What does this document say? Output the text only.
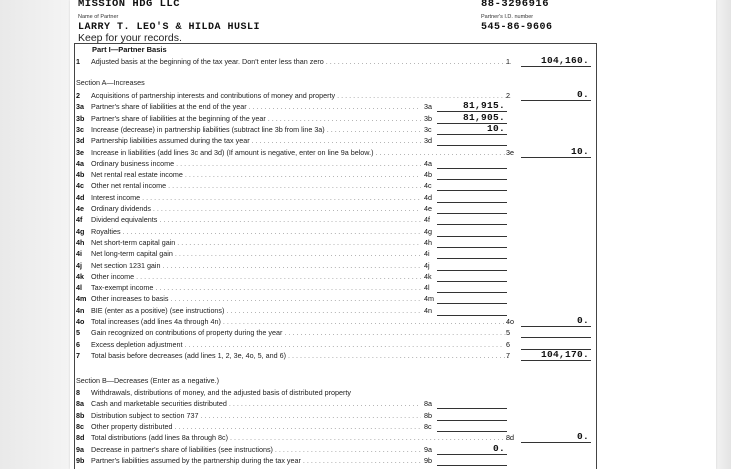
MISSION HDG LLC	88-3296916
Name of Partner	Partner's I.D. number
LARRY T. LEO'S & HILDA HUSLI	545-86-9606
Keep for your records.
Part I—Partner Basis
1 Adjusted basis at the beginning of the tax year. Don't enter less than zero . . .	1	104,160.
Section A—Increases
2 Acquisitions of partnership interests and contributions of money and property . . .	2	0.
3a Partner's share of liabilities at the end of the year . . .	3a	81,915.
3b Partner's share of liabilities at the beginning of the year . . .	3b	81,905.
3c Increase (decrease) in partnership liabilities (subtract line 3b from line 3a) . . .	3c	10.
3d Partnership liabilities assumed during the tax year . . .	3d
3e Increase in liabilities (add lines 3c and 3d) (If amount is negative, enter on line 9a below.) . . .	3e	10.
4a Ordinary business income . . .	4a
4b Net rental real estate income . . .	4b
4c Other net rental income . . .	4c
4d Interest income . . .	4d
4e Ordinary dividends . . .	4e
4f Dividend equivalents . . .	4f
4g Royalties . . .	4g
4h Net short-term capital gain . . .	4h
4i Net long-term capital gain . . .	4i
4j Net section 1231 gain . . .	4j
4k Other income . . .	4k
4l Tax-exempt income . . .	4l
4m Other increases to basis . . .	4m
4n BIE (enter as a positive) (see instructions) . . .	4n
4o Total increases (add lines 4a through 4n) . . .	4o	0.
5 Gain recognized on contributions of property during the year . . .	5
6 Excess depletion adjustment . . .	6
7 Total basis before decreases (add lines 1, 2, 3e, 4o, 5, and 6) . . .	7	104,170.
Section B—Decreases (Enter as a negative.)
8 Withdrawals, distributions of money, and the adjusted basis of distributed property
8a Cash and marketable securities distributed . . .	8a
8b Distribution subject to section 737 . . .	8b
8c Other property distributed . . .	8c
8d Total distributions (add lines 8a through 8c) . . .	8d	0.
9a Decrease in partner's share of liabilities (see instructions) . . .	9a	0.
9b Partner's liabilities assumed by the partnership during the tax year . . .	9b
